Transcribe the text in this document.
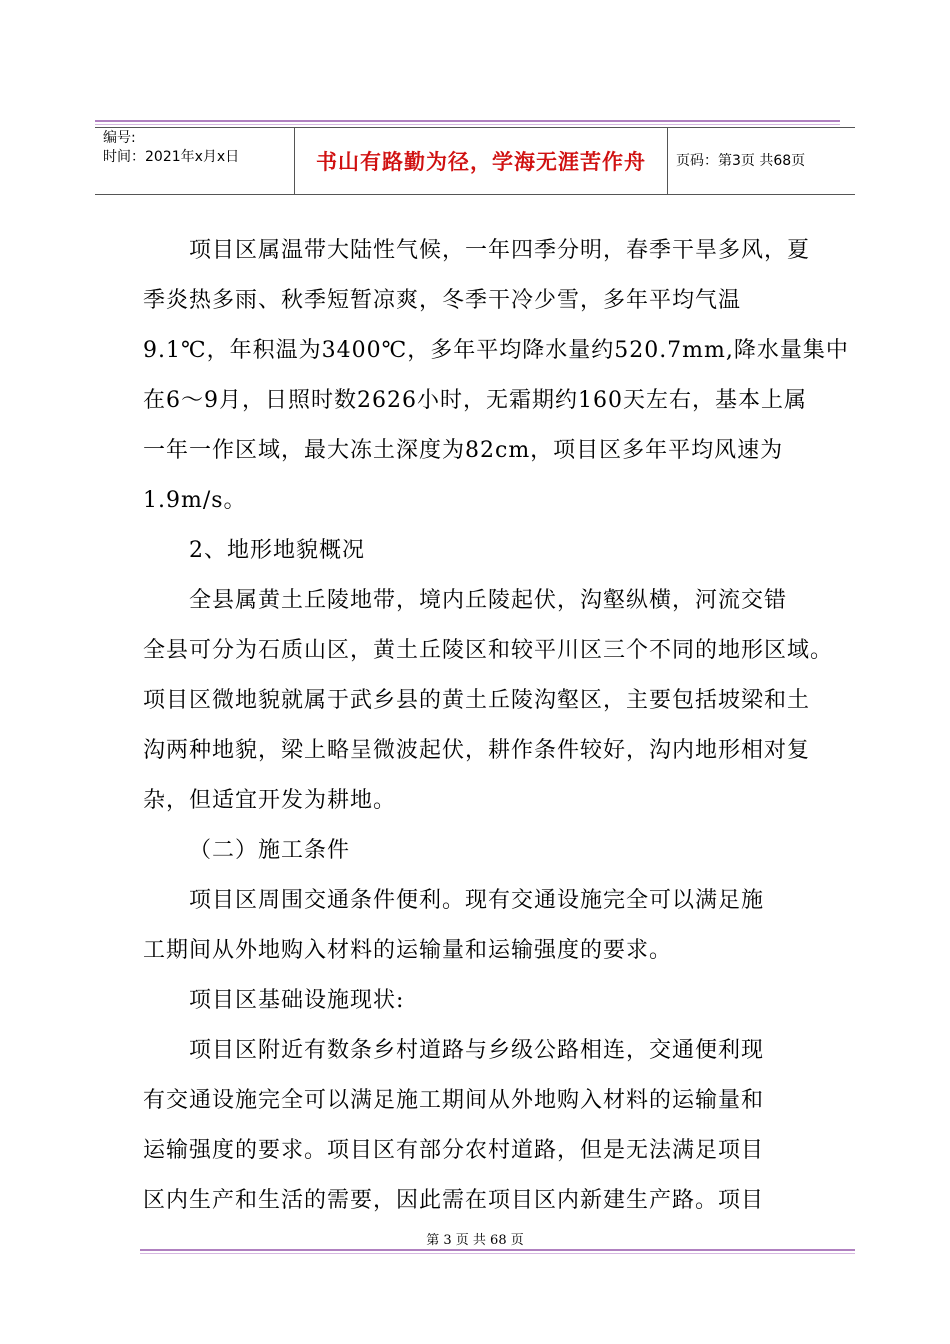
编号:
时间：2021年x月x日	书山有路勤为径，学海无涯苦作舟 页码：第3页 共68页

项目区属温带大陆性气候，一年四季分明，春季干旱多风，夏

季炎热多雨、秋季短暂凉爽，冬季干冷少雪，多年平均气温

9.1℃，年积温为3400℃，多年平均降水量约520.7mm,降水量集中

在6～9月，日照时数2626小时，无霜期约160天左右，基本上属

一年一作区域，最大冻土深度为82cm，项目区多年平均风速为

1.9m/s。

2、地形地貌概况

全县属黄土丘陵地带，境内丘陵起伏，沟壑纵横，河流交错

全县可分为石质山区，黄土丘陵区和较平川区三个不同的地形区域。

项目区微地貌就属于武乡县的黄土丘陵沟壑区，主要包括坡梁和土

沟两种地貌，梁上略呈微波起伏，耕作条件较好，沟内地形相对复

杂，但适宜开发为耕地。

（二）施工条件

项目区周围交通条件便利。现有交通设施完全可以满足施

工期间从外地购入材料的运输量和运输强度的要求。

项目区基础设施现状:

项目区附近有数条乡村道路与乡级公路相连，交通便利现

有交通设施完全可以满足施工期间从外地购入材料的运输量和

运输强度的要求。项目区有部分农村道路，但是无法满足项目

区内生产和生活的需要，因此需在项目区内新建生产路。项目

第 3 页 共 68 页
